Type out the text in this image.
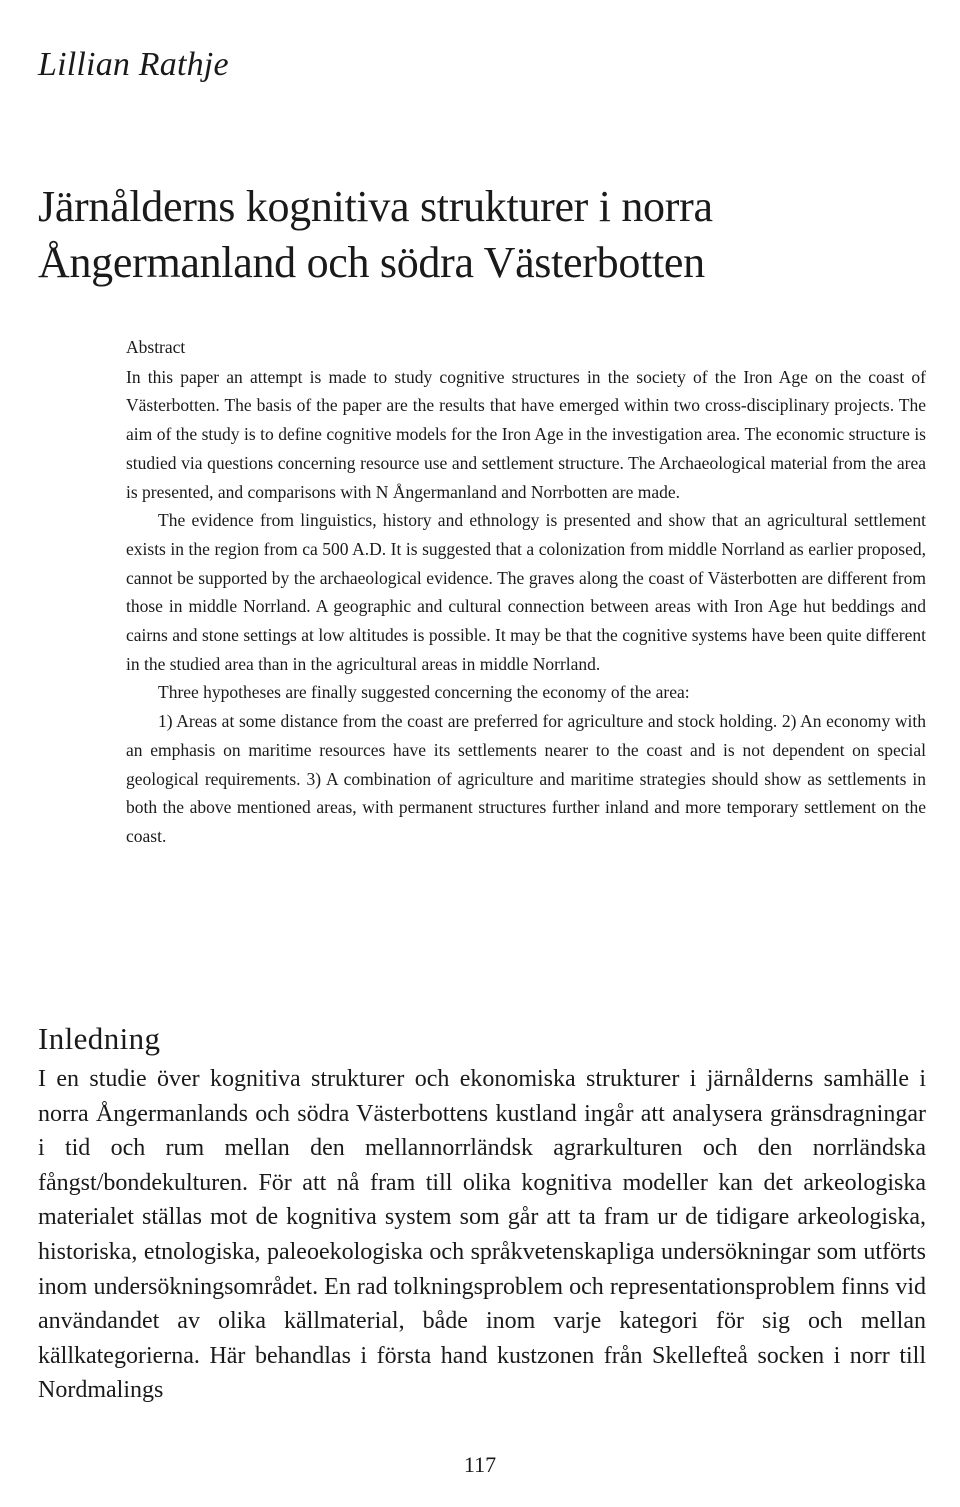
Lillian Rathje
Järnålderns kognitiva strukturer i norra
Ångermanland och södra Västerbotten
Abstract

In this paper an attempt is made to study cognitive structures in the society of the Iron Age on the coast of Västerbotten. The basis of the paper are the results that have emerged within two cross-disciplinary projects. The aim of the study is to define cognitive models for the Iron Age in the investigation area. The economic structure is studied via questions concerning resource use and settlement structure. The Archaeological material from the area is presented, and comparisons with N Ångermanland and Norrbotten are made.

The evidence from linguistics, history and ethnology is presented and show that an agricultural settlement exists in the region from ca 500 A.D. It is suggested that a colonization from middle Norrland as earlier proposed, cannot be supported by the archaeological evidence. The graves along the coast of Västerbotten are different from those in middle Norrland. A geographic and cultural connection between areas with Iron Age hut beddings and cairns and stone settings at low altitudes is possible. It may be that the cognitive systems have been quite different in the studied area than in the agricultural areas in middle Norrland.

Three hypotheses are finally suggested concerning the economy of the area:

1) Areas at some distance from the coast are preferred for agriculture and stock holding. 2) An economy with an emphasis on maritime resources have its settlements nearer to the coast and is not dependent on special geological requirements. 3) A combination of agriculture and maritime strategies should show as settlements in both the above mentioned areas, with permanent structures further inland and more temporary settlement on the coast.

Inledning

I en studie över kognitiva strukturer och ekonomiska strukturer i järnålderns samhälle i norra Ångermanlands och södra Västerbottens kustland ingår att analysera gränsdragningar i tid och rum mellan den mellannorrländsk agrarkulturen och den norrländska fångst/bondekulturen. För att nå fram till olika kognitiva modeller kan det arkeologiska materialet ställas mot de kognitiva system som går att ta fram ur de tidigare arkeologiska, historiska, etnologiska, paleoekologiska och språkvetenskapliga undersökningar som utförts inom undersökningsområdet. En rad tolkningsproblem och representationsproblem finns vid användandet av olika källmaterial, både inom varje kategori för sig och mellan källkategorierna. Här behandlas i första hand kustzonen från Skellefteå socken i norr till Nordmalings

117
